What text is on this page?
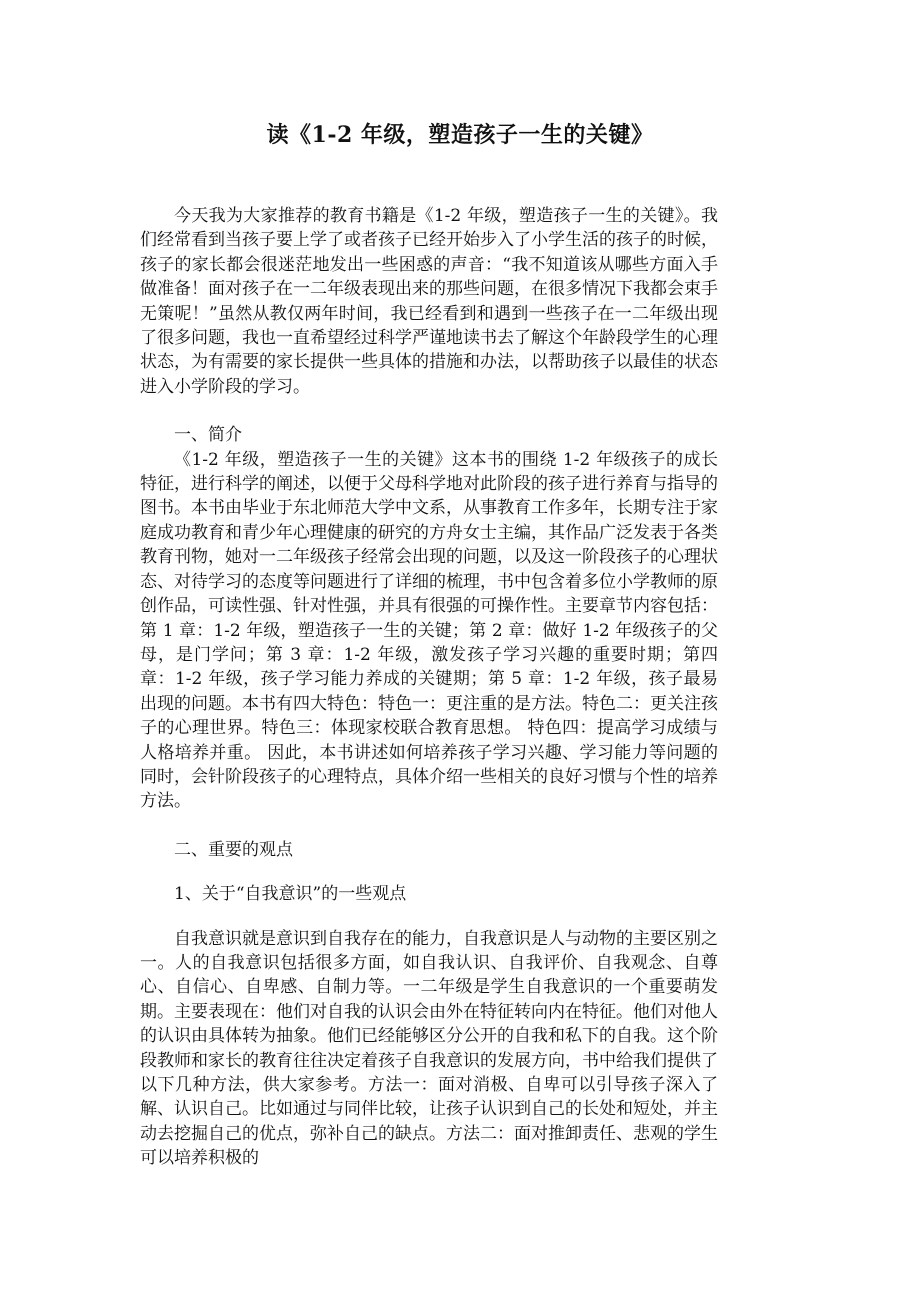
读《1-2 年级，塑造孩子一生的关键》

今天我为大家推荐的教育书籍是《1-2 年级，塑造孩子一生的关键》。我们经常看到当孩子要上学了或者孩子已经开始步入了小学生活的孩子的时候，孩子的家长都会很迷茫地发出一些困惑的声音：“我不知道该从哪些方面入手做准备！面对孩子在一二年级表现出来的那些问题，在很多情况下我都会束手无策呢！”虽然从教仅两年时间，我已经看到和遇到一些孩子在一二年级出现了很多问题，我也一直希望经过科学严谨地读书去了解这个年龄段学生的心理状态，为有需要的家长提供一些具体的措施和办法，以帮助孩子以最佳的状态进入小学阶段的学习。

一、简介

《1-2 年级，塑造孩子一生的关键》这本书的围绕 1-2 年级孩子的成长特征，进行科学的阐述，以便于父母科学地对此阶段的孩子进行养育与指导的图书。本书由毕业于东北师范大学中文系，从事教育工作多年，长期专注于家庭成功教育和青少年心理健康的研究的方舟女士主编，其作品广泛发表于各类教育刊物，她对一二年级孩子经常会出现的问题，以及这一阶段孩子的心理状态、对待学习的态度等问题进行了详细的梳理，书中包含着多位小学教师的原创作品，可读性强、针对性强，并具有很强的可操作性。主要章节内容包括：第 1 章：1-2 年级，塑造孩子一生的关键；第 2 章：做好 1-2 年级孩子的父母，是门学问；第 3 章：1-2 年级，激发孩子学习兴趣的重要时期；第四章：1-2 年级，孩子学习能力养成的关键期；第 5 章：1-2 年级，孩子最易出现的问题。本书有四大特色：特色一：更注重的是方法。特色二：更关注孩子的心理世界。特色三：体现家校联合教育思想。 特色四：提高学习成绩与人格培养并重。 因此，本书讲述如何培养孩子学习兴趣、学习能力等问题的同时，会针阶段孩子的心理特点，具体介绍一些相关的良好习惯与个性的培养方法。

二、重要的观点

1、关于“自我意识”的一些观点

自我意识就是意识到自我存在的能力，自我意识是人与动物的主要区别之一。人的自我意识包括很多方面，如自我认识、自我评价、自我观念、自尊心、自信心、自卑感、自制力等。一二年级是学生自我意识的一个重要萌发期。主要表现在：他们对自我的认识会由外在特征转向内在特征。他们对他人的认识由具体转为抽象。他们已经能够区分公开的自我和私下的自我。这个阶段教师和家长的教育往往决定着孩子自我意识的发展方向，书中给我们提供了以下几种方法，供大家参考。方法一：面对消极、自卑可以引导孩子深入了解、认识自己。比如通过与同伴比较，让孩子认识到自己的长处和短处，并主动去挖掘自己的优点，弥补自己的缺点。方法二：面对推卸责任、悲观的学生可以培养积极的
